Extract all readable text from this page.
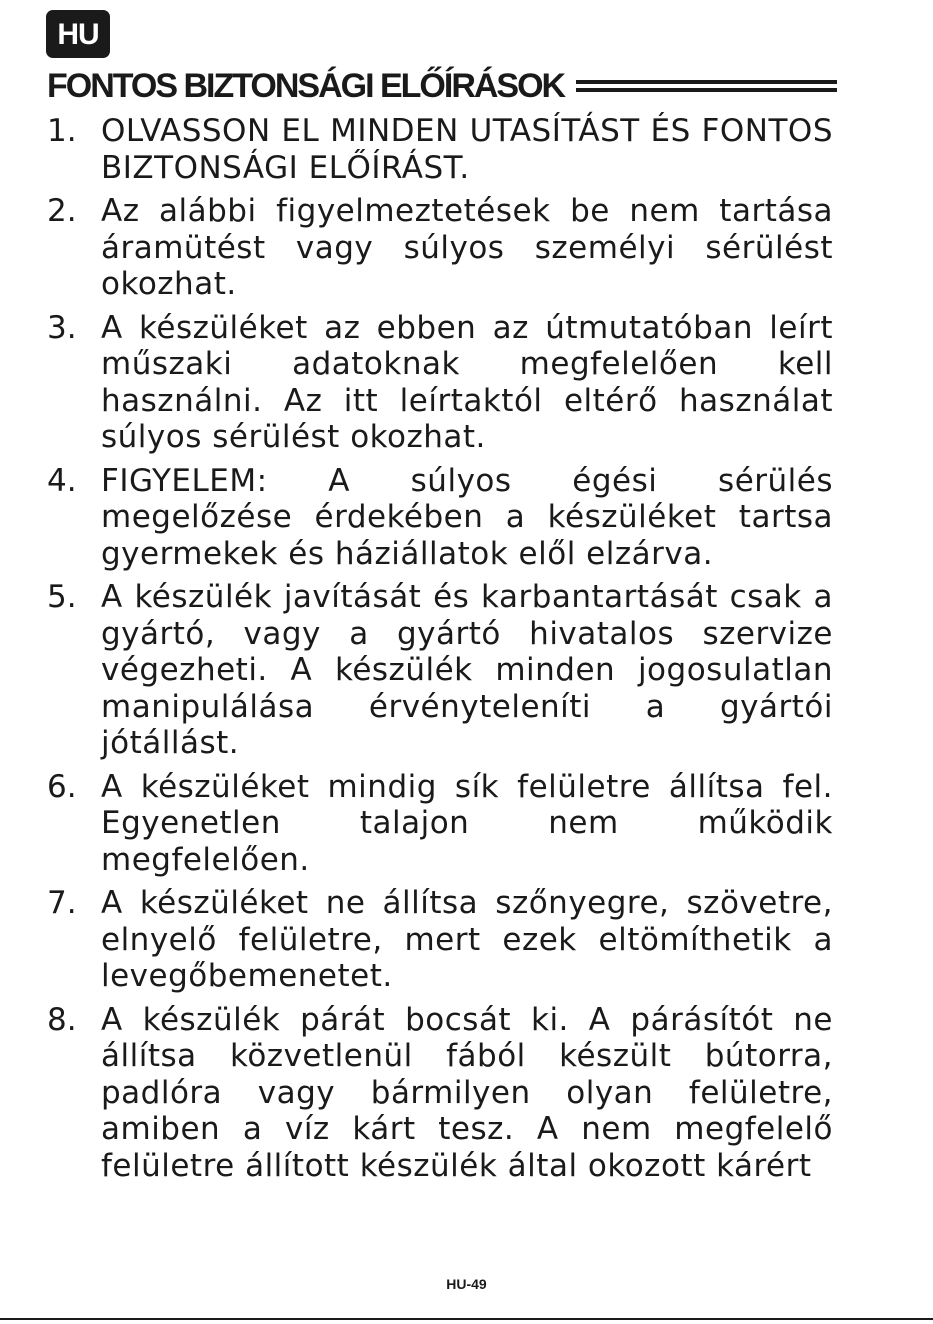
HU
FONTOS BIZTONSÁGI ELŐÍRÁSOK
1. OLVASSON EL MINDEN UTASÍTÁST ÉS FONTOS BIZTONSÁGI ELŐÍRÁST.
2. Az alábbi figyelmeztetések be nem tartása áramütést vagy súlyos személyi sérülést okozhat.
3. A készüléket az ebben az útmutatóban leírt műszaki adatoknak megfelelően kell használni. Az itt leírtaktól eltérő használat súlyos sérülést okozhat.
4. FIGYELEM: A súlyos égési sérülés megelőzése érdekében a készüléket tartsa gyermekek és háziállatok elől elzárva.
5. A készülék javítását és karbantartását csak a gyártó, vagy a gyártó hivatalos szervize végezheti. A készülék minden jogosulatlan manipulálása érvényteleníti a gyártói jótállást.
6. A készüléket mindig sík felületre állítsa fel. Egyenetlen talajon nem működik megfelelően.
7. A készüléket ne állítsa szőnyegre, szövetre, elnyelő felületre, mert ezek eltömíthetik a levegőbemenetet.
8. A készülék párát bocsát ki. A párásítót ne állítsa közvetlenül fából készült bútorra, padlóra vagy bármilyen olyan felületre, amiben a víz kárt tesz. A nem megfelelő felületre állított készülék által okozott kárért
HU-49
